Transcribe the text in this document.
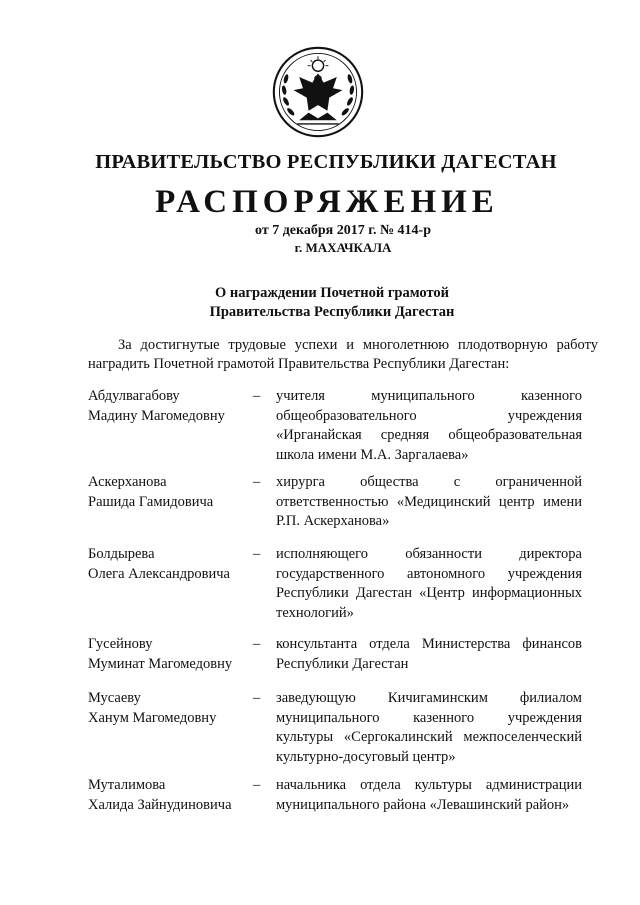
ПРАВИТЕЛЬСТВО РЕСПУБЛИКИ ДАГЕСТАН
РАСПОРЯЖЕНИЕ
от 7 декабря 2017 г. № 414-р
г. МАХАЧКАЛА
О награждении Почетной грамотой
Правительства Республики Дагестан
За достигнутые трудовые успехи и многолетнюю плодотворную работу наградить Почетной грамотой Правительства Республики Дагестан:
Абдулвагабову
Мадину Магомедовну
–	учителя муниципального казенного общеобразовательного учреждения «Ирганайская средняя общеобразовательная школа имени М.А. Заргалаева»
Аскерханова
Рашида Гамидовича
–	хирурга общества с ограниченной ответственностью «Медицинский центр имени Р.П. Аскерханова»
Болдырева
Олега Александровича
–	исполняющего обязанности директора государственного автономного учреждения Республики Дагестан «Центр информационных технологий»
Гусейнову
Муминат Магомедовну
–	консультанта отдела Министерства финансов Республики Дагестан
Мусаеву
Ханум Магомедовну
–	заведующую Кичигаминским филиалом муниципального казенного учреждения культуры «Сергокалинский межпоселенческий культурно-досуговый центр»
Муталимова
Халида Зайнудиновича
–	начальника отдела культуры администрации муниципального района «Левашинский район»
